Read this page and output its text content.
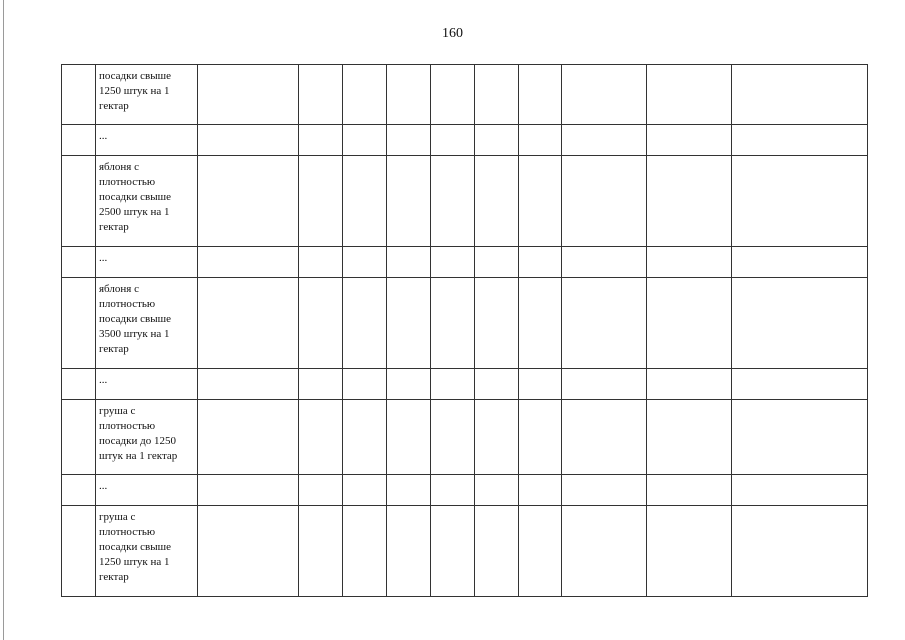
160

	посадки свыше
1250 штук на 1
гектар										

	...										

	яблоня с
плотностью
посадки свыше
2500 штук на 1
гектар										

	...										

	яблоня с
плотностью
посадки свыше
3500 штук на 1
гектар										

	...										

	груша с
плотностью
посадки до 1250
штук на 1 гектар										

	...										

	груша с
плотностью
посадки свыше
1250 штук на 1
гектар										
